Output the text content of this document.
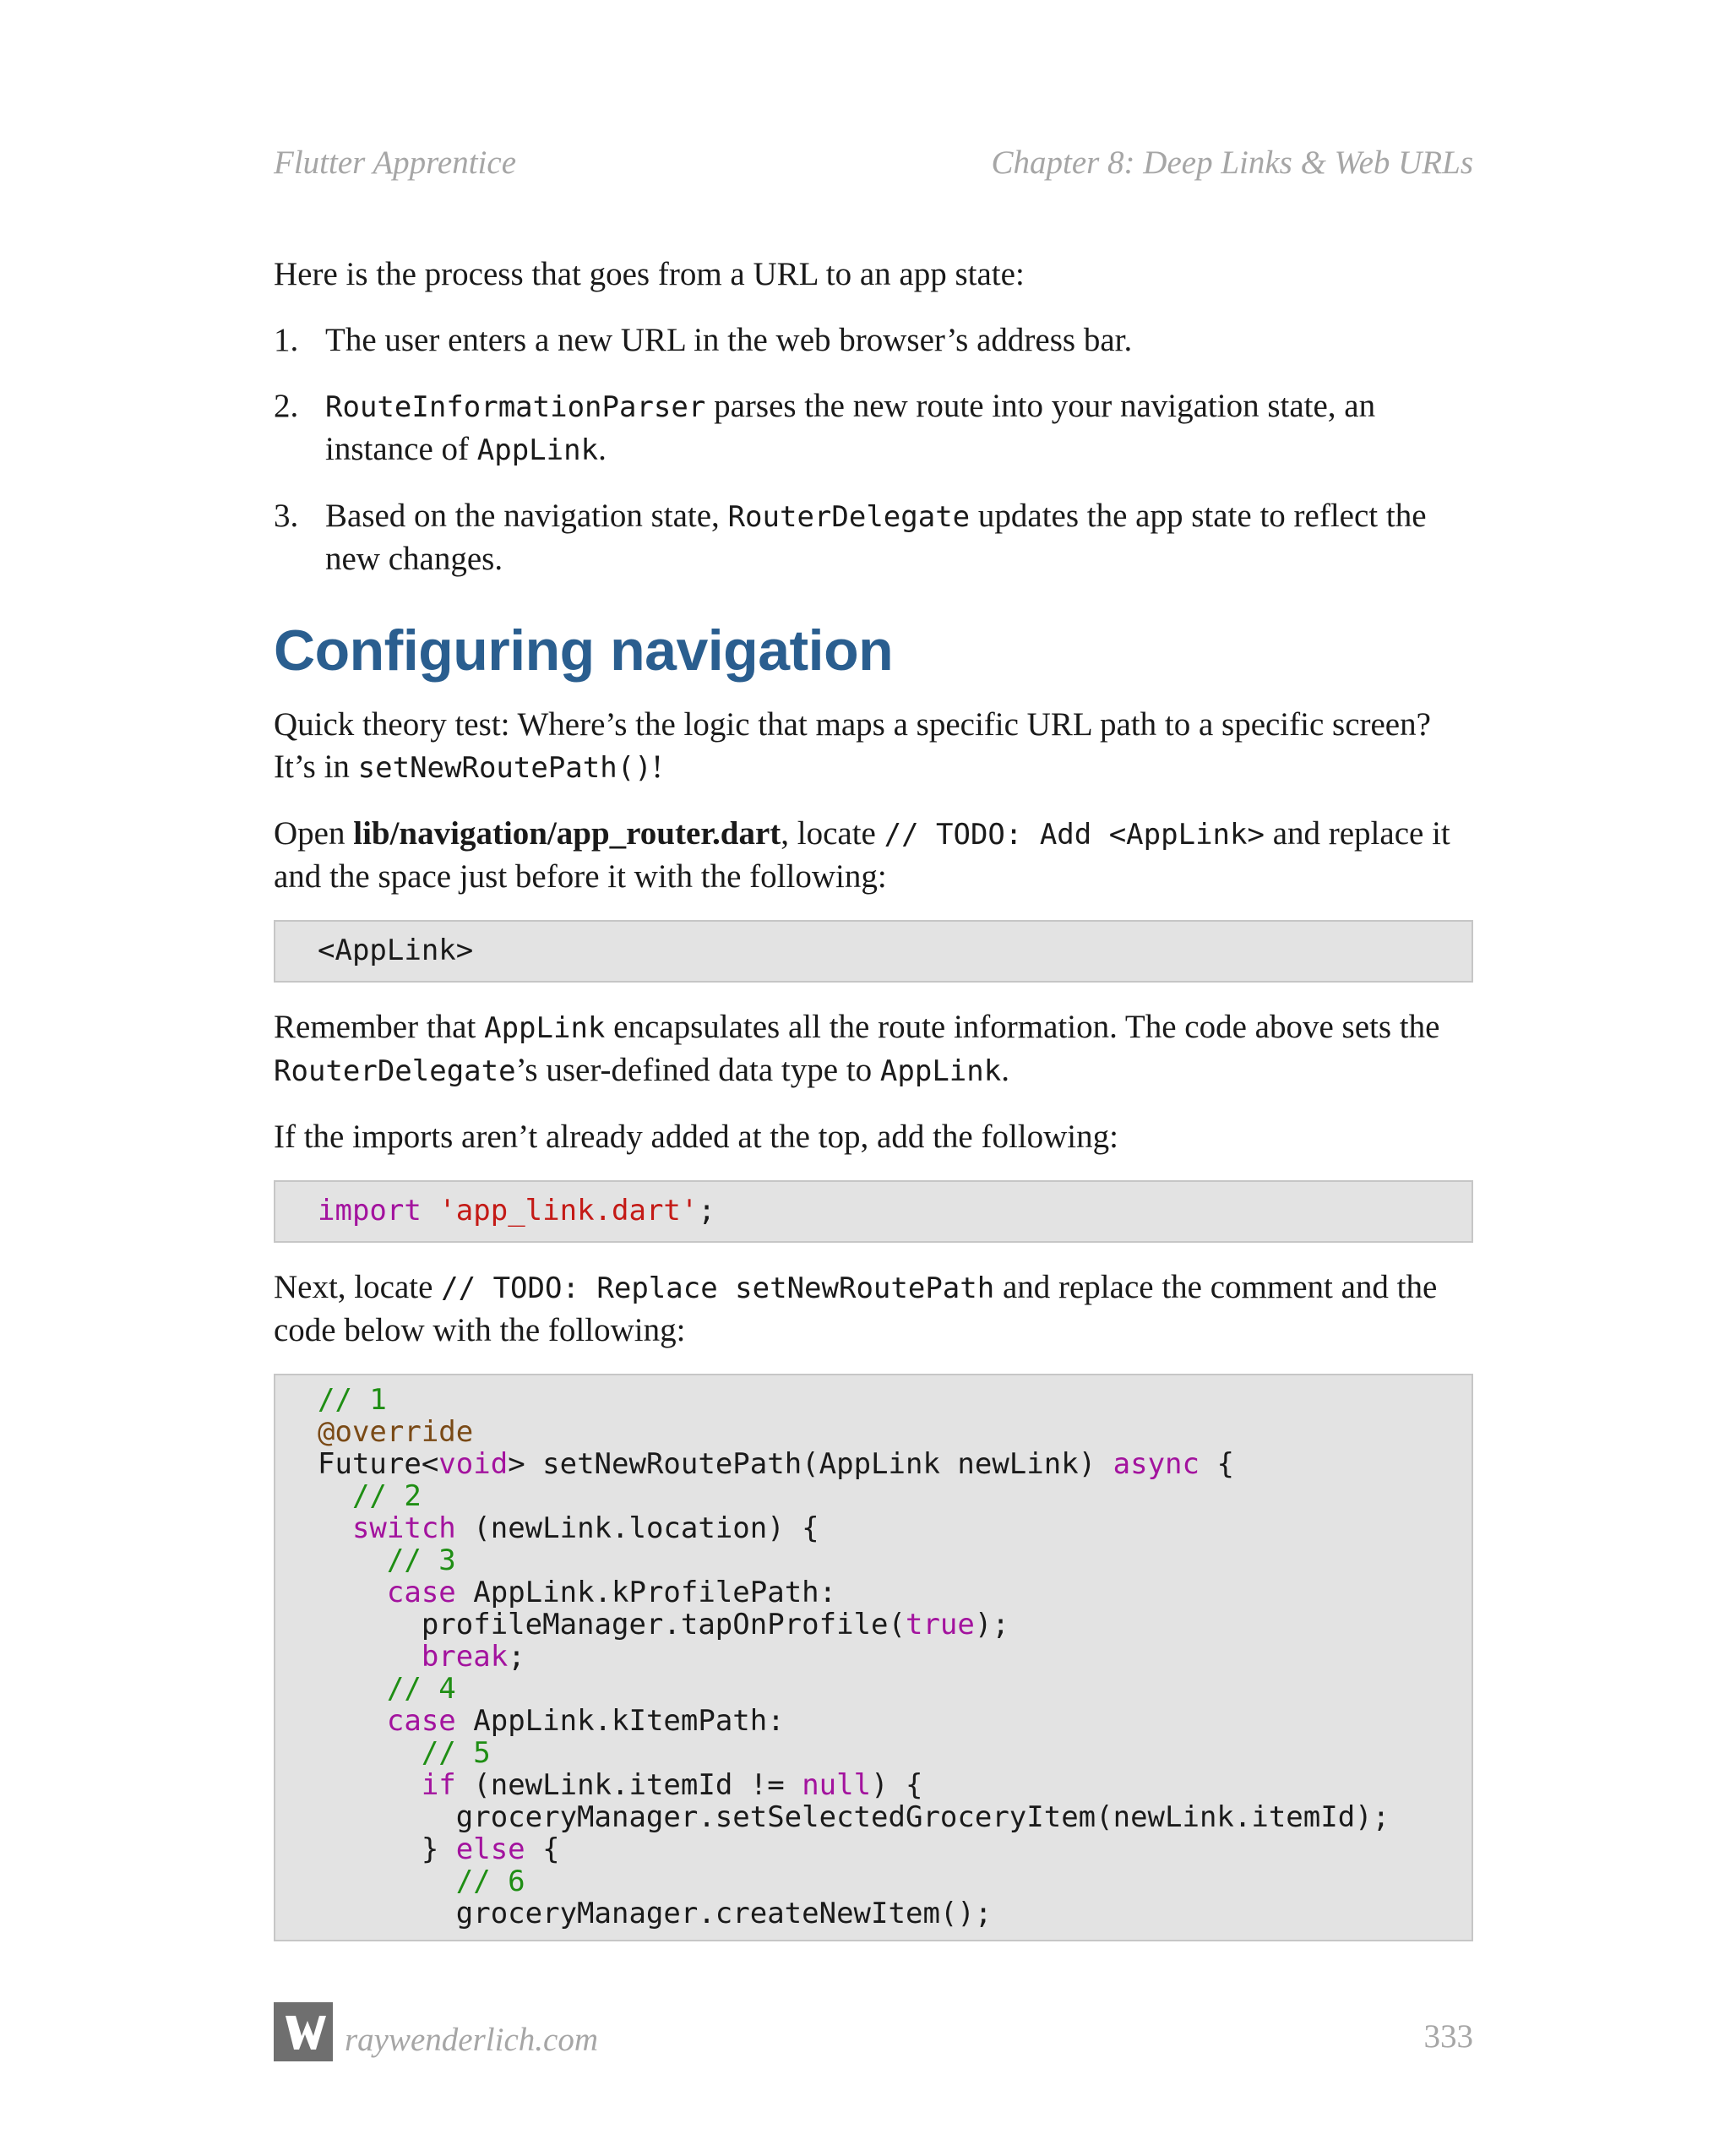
Flutter Apprentice	Chapter 8: Deep Links & Web URLs

Here is the process that goes from a URL to an app state:

1. The user enters a new URL in the web browser’s address bar.
2. RouteInformationParser parses the new route into your navigation state, an instance of AppLink.
3. Based on the navigation state, RouterDelegate updates the app state to reflect the new changes.
Configuring navigation

Quick theory test: Where’s the logic that maps a specific URL path to a specific screen? It’s in setNewRoutePath()!

Open lib/navigation/app_router.dart, locate // TODO: Add <AppLink> and replace it and the space just before it with the following:

<AppLink>

Remember that AppLink encapsulates all the route information. The code above sets the RouterDelegate’s user-defined data type to AppLink.

If the imports aren’t already added at the top, add the following:

import 'app_link.dart';

Next, locate // TODO: Replace setNewRoutePath and replace the comment and the code below with the following:

// 1
@override
Future<void> setNewRoutePath(AppLink newLink) async {
// 2
switch (newLink.location) {
// 3
case AppLink.kProfilePath:
profileManager.tapOnProfile(true);
break;
// 4
case AppLink.kItemPath:
// 5
if (newLink.itemId != null) {
groceryManager.setSelectedGroceryItem(newLink.itemId);
} else {
// 6
groceryManager.createNewItem();
raywenderlich.com	333
